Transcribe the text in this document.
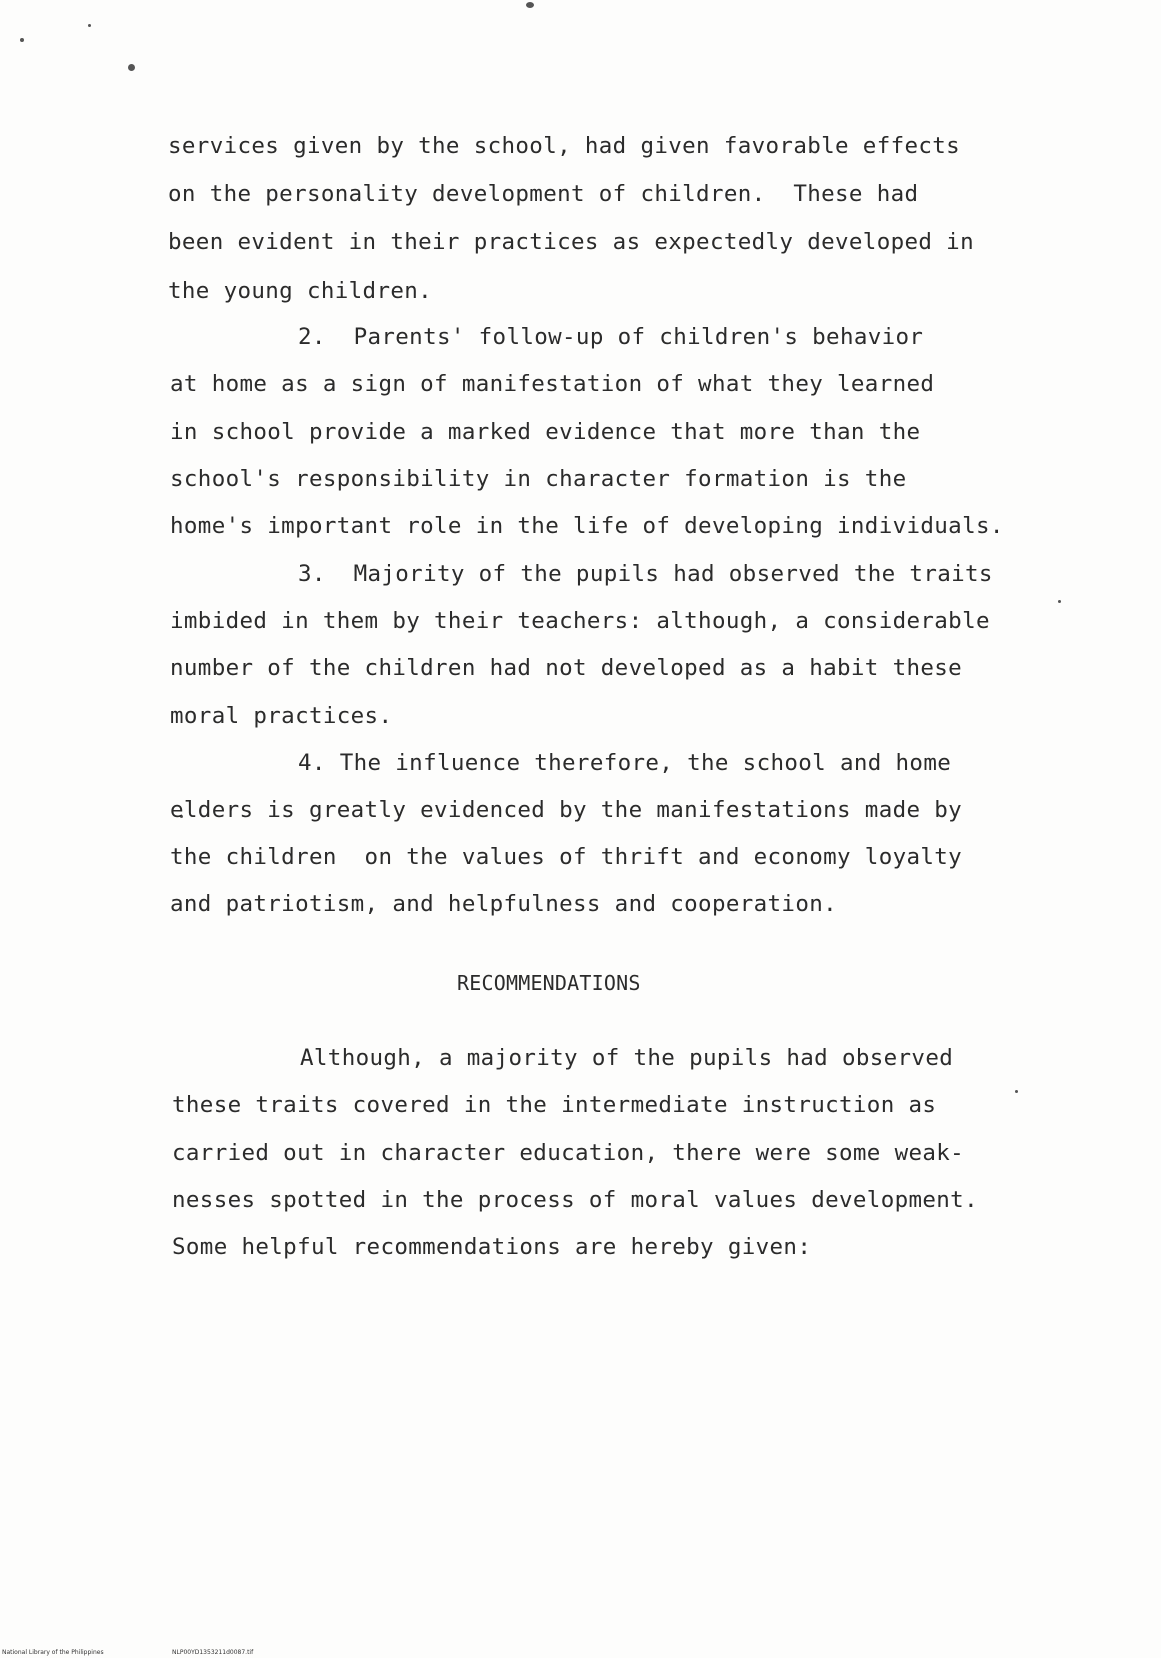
services given by the school, had given favorable effects
on the personality development of children.  These had
been evident in their practices as expectedly developed in
the young children.
2.  Parents' follow-up of children's behavior
at home as a sign of manifestation of what they learned
in school provide a marked evidence that more than the
school's responsibility in character formation is the
home's important role in the life of developing individuals.
3.  Majority of the pupils had observed the traits
imbided in them by their teachers: although, a considerable
number of the children had not developed as a habit these
moral practices.
4. The influence therefore, the school and home
elders is greatly evidenced by the manifestations made by
the children  on the values of thrift and economy loyalty
and patriotism, and helpfulness and cooperation.
RECOMMENDATIONS
Although, a majority of the pupils had observed
these traits covered in the intermediate instruction as
carried out in character education, there were some weak-
nesses spotted in the process of moral values development.
Some helpful recommendations are hereby given:
National Library of the Philippines	NLP00YD1353211d0087.tif
